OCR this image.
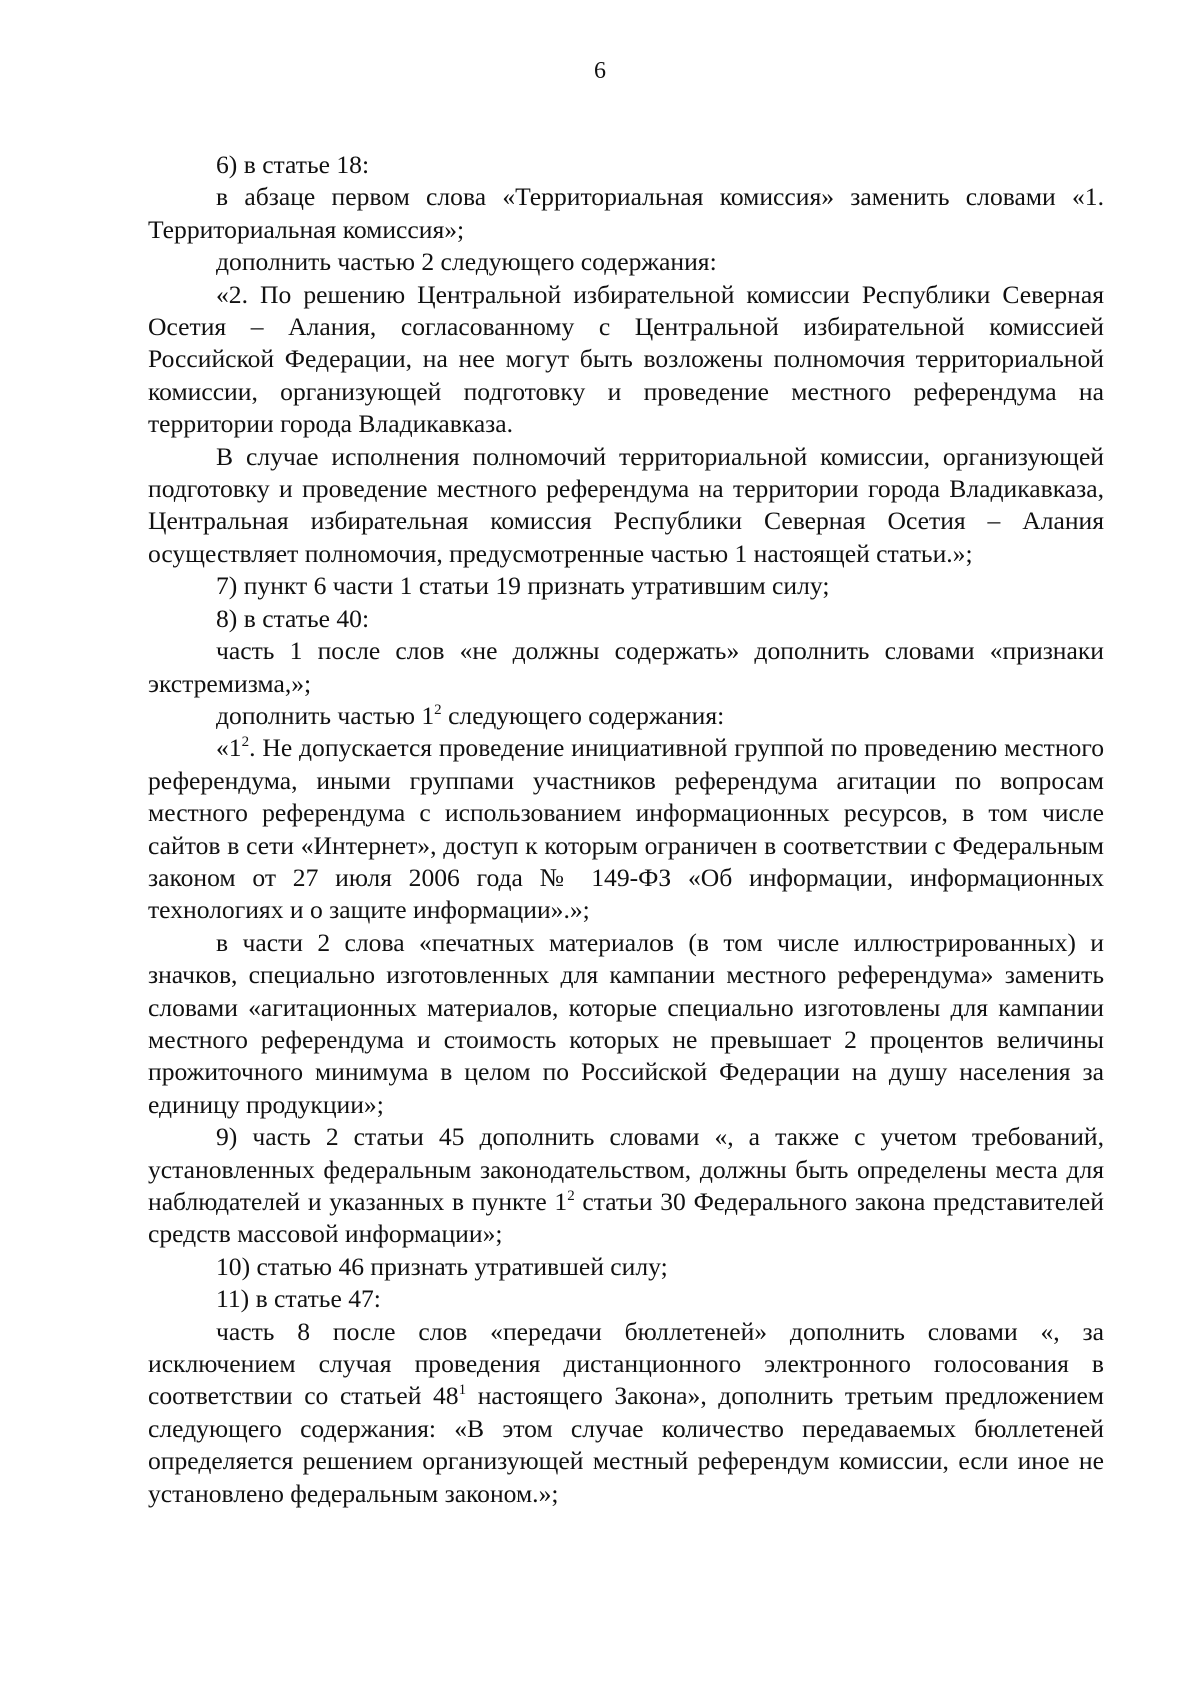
6

6) в статье 18:

в абзаце первом слова «Территориальная комиссия» заменить словами «1. Территориальная комиссия»;

дополнить частью 2 следующего содержания:

«2. По решению Центральной избирательной комиссии Республики Северная Осетия – Алания, согласованному с Центральной избирательной комиссией Российской Федерации, на нее могут быть возложены полномочия территориальной комиссии, организующей подготовку и проведение местного референдума на территории города Владикавказа.

В случае исполнения полномочий территориальной комиссии, организующей подготовку и проведение местного референдума на территории города Владикавказа, Центральная избирательная комиссия Республики Северная Осетия – Алания осуществляет полномочия, предусмотренные частью 1 настоящей статьи.»;

7) пункт 6 части 1 статьи 19 признать утратившим силу;

8) в статье 40:

часть 1 после слов «не должны содержать» дополнить словами «признаки экстремизма,»;

дополнить частью $1^2$ следующего содержания:

«$1^2$. Не допускается проведение инициативной группой по проведению местного референдума, иными группами участников референдума агитации по вопросам местного референдума с использованием информационных ресурсов, в том числе сайтов в сети «Интернет», доступ к которым ограничен в соответствии с Федеральным законом от 27 июля 2006 года № 149-ФЗ «Об информации, информационных технологиях и о защите информации».»;

в части 2 слова «печатных материалов (в том числе иллюстрированных) и значков, специально изготовленных для кампании местного референдума» заменить словами «агитационных материалов, которые специально изготовлены для кампании местного референдума и стоимость которых не превышает 2 процентов величины прожиточного минимума в целом по Российской Федерации на душу населения за единицу продукции»;

9) часть 2 статьи 45 дополнить словами «, а также с учетом требований, установленных федеральным законодательством, должны быть определены места для наблюдателей и указанных в пункте $1^2$ статьи 30 Федерального закона представителей средств массовой информации»;

10) статью 46 признать утратившей силу;

11) в статье 47:

часть 8 после слов «передачи бюллетеней» дополнить словами «, за исключением случая проведения дистанционного электронного голосования в соответствии со статьей $48^1$ настоящего Закона», дополнить третьим предложением следующего содержания: «В этом случае количество передаваемых бюллетеней определяется решением организующей местный референдум комиссии, если иное не установлено федеральным законом.»;
